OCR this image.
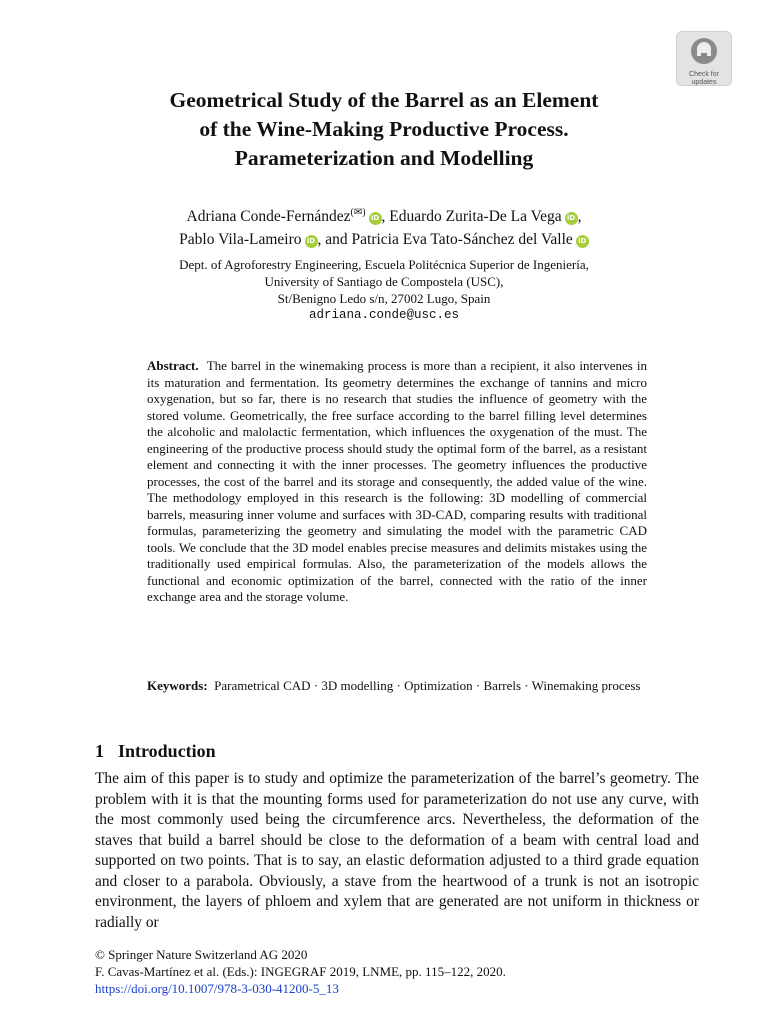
Check for
updates
Geometrical Study of the Barrel as an Element
of the Wine-Making Productive Process.
Parameterization and Modelling
Adriana Conde-Fernández(✉) iD , Eduardo Zurita-De La Vega iD ,
Pablo Vila-Lameiro iD , and Patricia Eva Tato-Sánchez del Valle iD
Dept. of Agroforestry Engineering, Escuela Politécnica Superior de Ingeniería,
University of Santiago de Compostela (USC),
St/Benigno Ledo s/n, 27002 Lugo, Spain
adriana.conde@usc.es

Abstract. The barrel in the winemaking process is more than a recipient, it also intervenes in its maturation and fermentation. Its geometry determines the exchange of tannins and micro oxygenation, but so far, there is no research that studies the influence of geometry with the stored volume. Geometrically, the free surface according to the barrel filling level determines the alcoholic and malolactic fermentation, which influences the oxygenation of the must. The engineering of the productive process should study the optimal form of the barrel, as a resistant element and connecting it with the inner processes. The geometry influences the productive processes, the cost of the barrel and its storage and consequently, the added value of the wine. The methodology employed in this research is the following: 3D modelling of commercial barrels, measuring inner volume and surfaces with 3D-CAD, comparing results with traditional formulas, parameterizing the geometry and simulating the model with the parametric CAD tools. We conclude that the 3D model enables precise measures and delimits mistakes using the traditionally used empirical formulas. Also, the parameterization of the models allows the functional and economic optimization of the barrel, connected with the ratio of the inner exchange area and the storage volume.

Keywords: Parametrical CAD · 3D modelling · Optimization · Barrels · Winemaking process
1 Introduction

The aim of this paper is to study and optimize the parameterization of the barrel’s geometry. The problem with it is that the mounting forms used for parameterization do not use any curve, with the most commonly used being the circumference arcs. Nevertheless, the deformation of the staves that build a barrel should be close to the deformation of a beam with central load and supported on two points. That is to say, an elastic deformation adjusted to a third grade equation and closer to a parabola. Obviously, a stave from the heartwood of a trunk is not an isotropic environment, the layers of phloem and xylem that are generated are not uniform in thickness or radially or

© Springer Nature Switzerland AG 2020
F. Cavas-Martínez et al. (Eds.): INGEGRAF 2019, LNME, pp. 115–122, 2020.
https://doi.org/10.1007/978-3-030-41200-5_13
